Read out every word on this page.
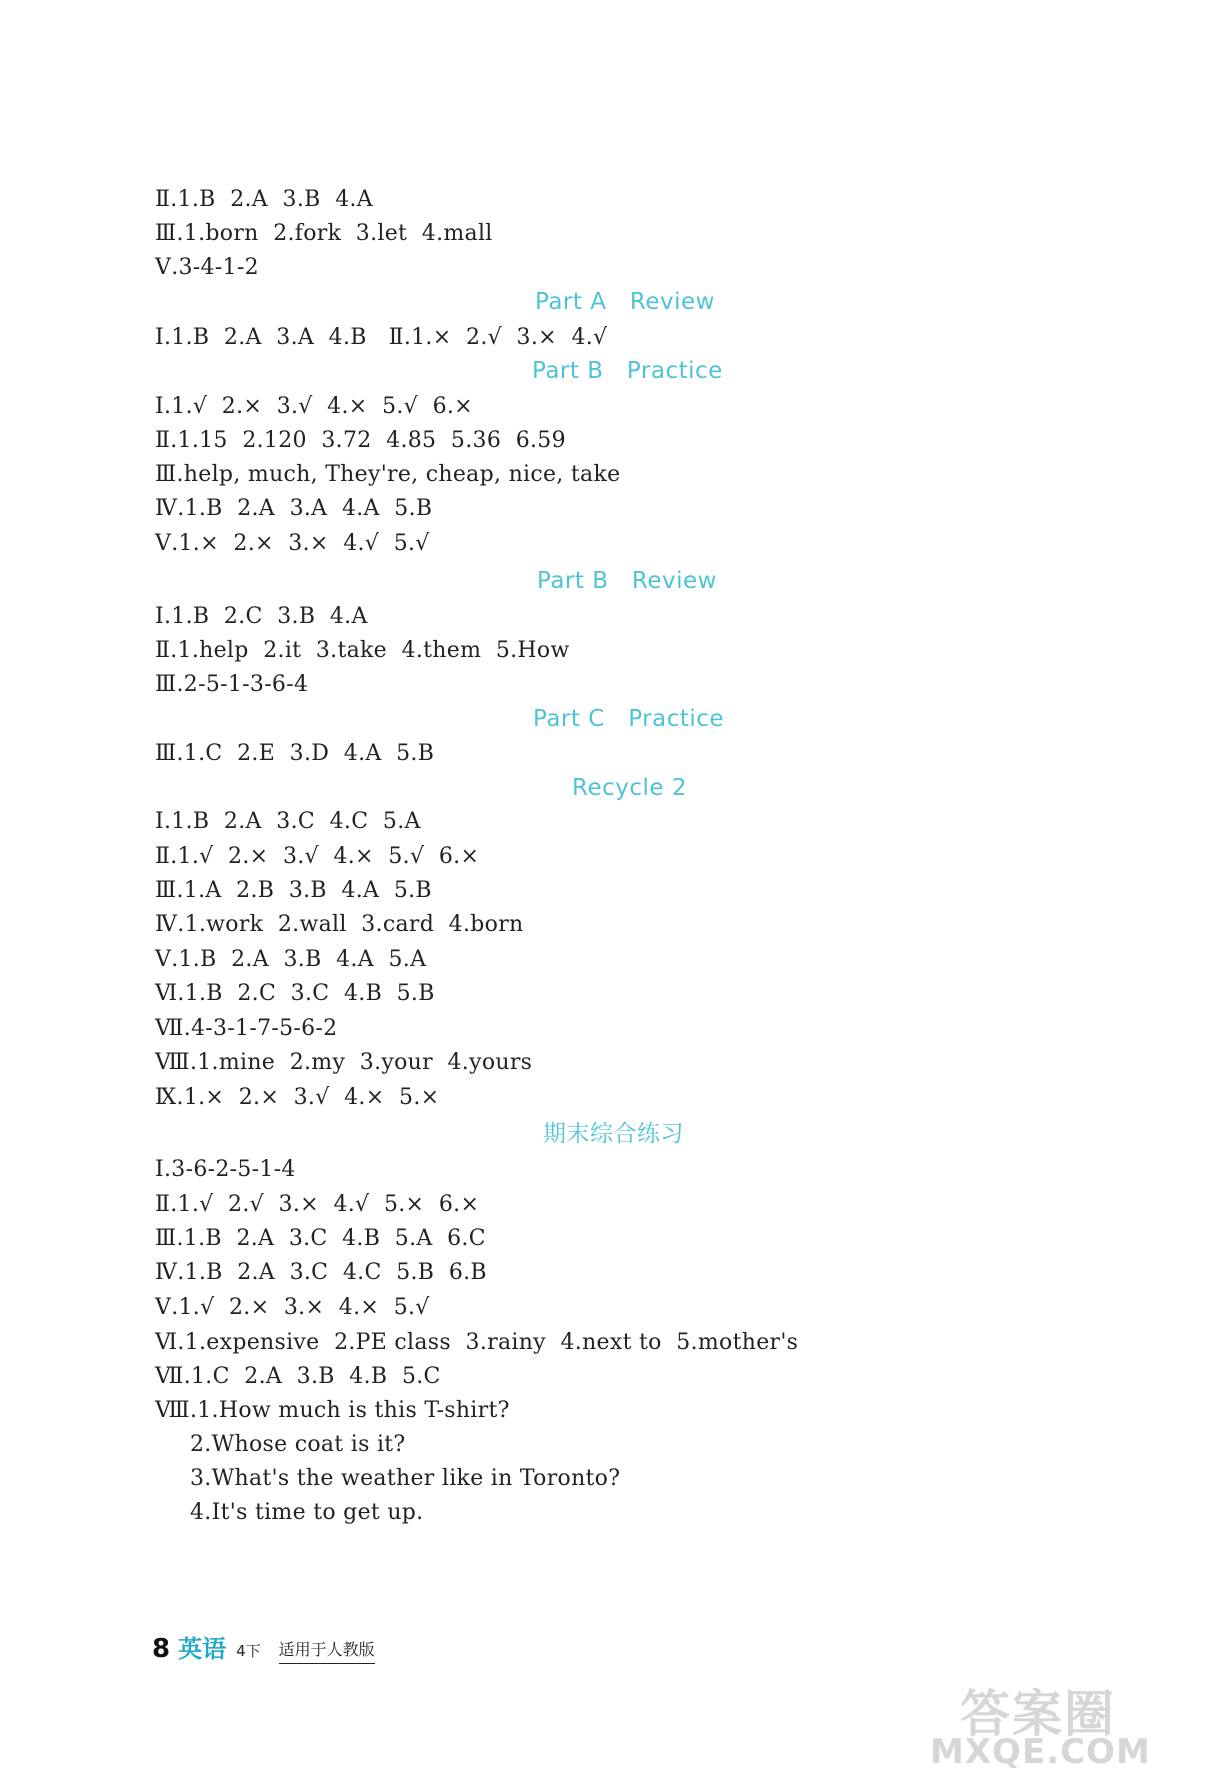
Ⅱ.1.B  2.A  3.B  4.A
Ⅲ.1.born  2.fork  3.let  4.mall
Ⅴ.3-4-1-2
Part A   Review
Ⅰ.1.B  2.A  3.A  4.B   Ⅱ.1.×  2.√  3.×  4.√
Part B   Practice
Ⅰ.1.√  2.×  3.√  4.×  5.√  6.×
Ⅱ.1.15  2.120  3.72  4.85  5.36  6.59
Ⅲ.help, much, They're, cheap, nice, take
Ⅳ.1.B  2.A  3.A  4.A  5.B
Ⅴ.1.×  2.×  3.×  4.√  5.√
Part B   Review
Ⅰ.1.B  2.C  3.B  4.A
Ⅱ.1.help  2.it  3.take  4.them  5.How
Ⅲ.2-5-1-3-6-4
Part C   Practice
Ⅲ.1.C  2.E  3.D  4.A  5.B
Recycle 2
Ⅰ.1.B  2.A  3.C  4.C  5.A
Ⅱ.1.√  2.×  3.√  4.×  5.√  6.×
Ⅲ.1.A  2.B  3.B  4.A  5.B
Ⅳ.1.work  2.wall  3.card  4.born
Ⅴ.1.B  2.A  3.B  4.A  5.A
Ⅵ.1.B  2.C  3.C  4.B  5.B
Ⅶ.4-3-1-7-5-6-2
Ⅷ.1.mine  2.my  3.your  4.yours
Ⅸ.1.×  2.×  3.√  4.×  5.×
期末综合练习
Ⅰ.3-6-2-5-1-4
Ⅱ.1.√  2.√  3.×  4.√  5.×  6.×
Ⅲ.1.B  2.A  3.C  4.B  5.A  6.C
Ⅳ.1.B  2.A  3.C  4.C  5.B  6.B
Ⅴ.1.√  2.×  3.×  4.×  5.√
Ⅵ.1.expensive  2.PE class  3.rainy  4.next to  5.mother's
Ⅶ.1.C  2.A  3.B  4.B  5.C
Ⅷ.1.How much is this T-shirt?
2.Whose coat is it?
3.What's the weather like in Toronto?
4.It's time to get up.
8 英语 4下 适用于人教版
答案圈
MXQE.COM
